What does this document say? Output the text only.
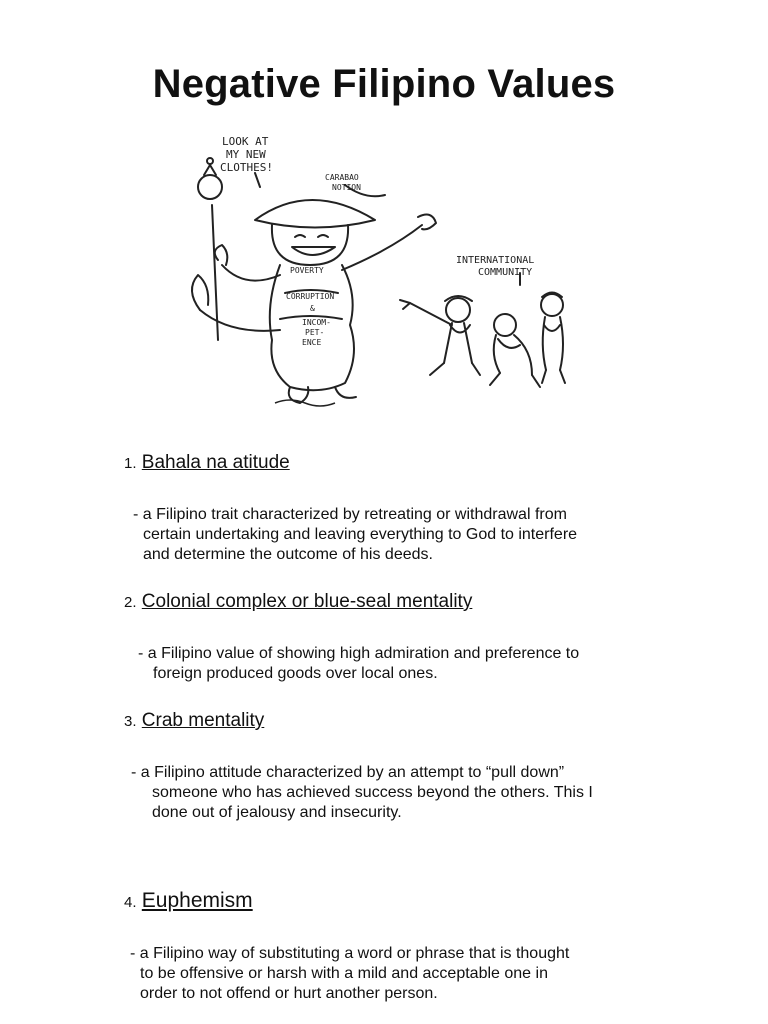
Negative Filipino Values
LOOK AT
MY NEW
CLOTHES!
CARABAO
NOTION
POVERTY
CORRUPTION
&
INCOM-
PET-
ENCE
INTERNATIONAL
COMMUNITY
1. Bahala na atitude
- a Filipino trait characterized by retreating or withdrawal from
certain undertaking and leaving everything to God to interfere
and determine the outcome of his deeds.
2. Colonial complex or blue-seal mentality
- a Filipino value of showing high admiration and preference to
foreign produced goods over local ones.
3. Crab mentality
- a Filipino attitude characterized by an attempt to “pull down”
someone who has achieved success beyond the others. This I
done out of jealousy and insecurity.
4. Euphemism
- a Filipino way of substituting a word or phrase that is thought
to be offensive or harsh with a mild and acceptable one in
order to not offend or hurt another person.
